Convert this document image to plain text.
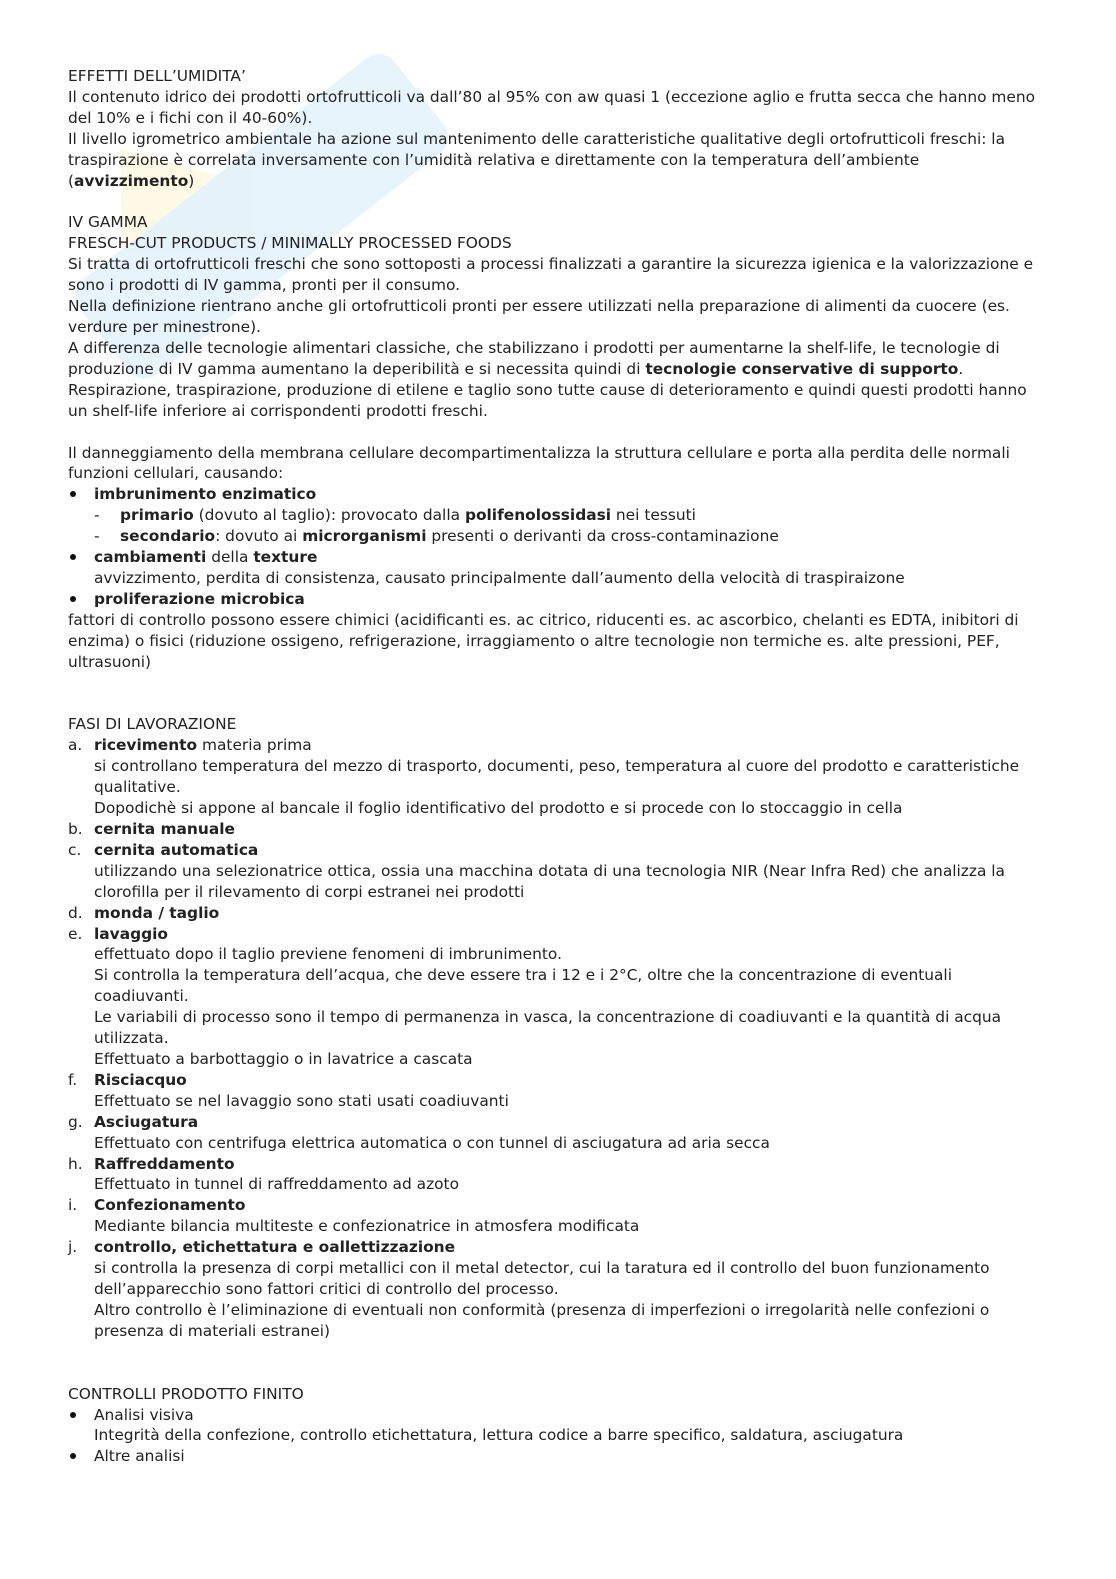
EFFETTI DELL’UMIDITA’

Il contenuto idrico dei prodotti ortofrutticoli va dall’80 al 95% con aw quasi 1 (eccezione aglio e frutta secca che hanno meno del 10% e i fichi con il 40-60%).

Il livello igrometrico ambientale ha azione sul mantenimento delle caratteristiche qualitative degli ortofrutticoli freschi: la traspirazione è correlata inversamente con l’umidità relativa e direttamente con la temperatura dell’ambiente (avvizzimento)

IV GAMMA

FRESCH-CUT PRODUCTS / MINIMALLY PROCESSED FOODS

Si tratta di ortofrutticoli freschi che sono sottoposti a processi finalizzati a garantire la sicurezza igienica e la valorizzazione e sono i prodotti di IV gamma, pronti per il consumo.

Nella definizione rientrano anche gli ortofrutticoli pronti per essere utilizzati nella preparazione di alimenti da cuocere (es. verdure per minestrone).

A differenza delle tecnologie alimentari classiche, che stabilizzano i prodotti per aumentarne la shelf-life, le tecnologie di produzione di IV gamma aumentano la deperibilità e si necessita quindi di tecnologie conservative di supporto.

Respirazione, traspirazione, produzione di etilene e taglio sono tutte cause di deterioramento e quindi questi prodotti hanno un shelf-life inferiore ai corrispondenti prodotti freschi.

Il danneggiamento della membrana cellulare decompartimentalizza la struttura cellulare e porta alla perdita delle normali funzioni cellulari, causando:

imbrunimento enzimatico
- primario (dovuto al taglio): provocato dalla polifenolossidasi nei tessuti
- secondario: dovuto ai microrganismi presenti o derivanti da cross-contaminazione
cambiamenti della texture
avvizzimento, perdita di consistenza, causato principalmente dall’aumento della velocità di traspiraizone
proliferazione microbica

fattori di controllo possono essere chimici (acidificanti es. ac citrico, riducenti es. ac ascorbico, chelanti es EDTA, inibitori di enzima) o fisici (riduzione ossigeno, refrigerazione, irraggiamento o altre tecnologie non termiche es. alte pressioni, PEF, ultrasuoni)

FASI DI LAVORAZIONE

a. ricevimento materia prima
si controllano temperatura del mezzo di trasporto, documenti, peso, temperatura al cuore del prodotto e caratteristiche qualitative.
Dopodichè si appone al bancale il foglio identificativo del prodotto e si procede con lo stoccaggio in cella
b. cernita manuale
c. cernita automatica
utilizzando una selezionatrice ottica, ossia una macchina dotata di una tecnologia NIR (Near Infra Red) che analizza la clorofilla per il rilevamento di corpi estranei nei prodotti
d. monda / taglio
e. lavaggio
effettuato dopo il taglio previene fenomeni di imbrunimento.
Si controlla la temperatura dell’acqua, che deve essere tra i 12 e i 2°C, oltre che la concentrazione di eventuali coadiuvanti.
Le variabili di processo sono il tempo di permanenza in vasca, la concentrazione di coadiuvanti e la quantità di acqua utilizzata.
Effettuato a barbottaggio o in lavatrice a cascata
f. Risciacquo
Effettuato se nel lavaggio sono stati usati coadiuvanti
g. Asciugatura
Effettuato con centrifuga elettrica automatica o con tunnel di asciugatura ad aria secca
h. Raffreddamento
Effettuato in tunnel di raffreddamento ad azoto
i. Confezionamento
Mediante bilancia multiteste e confezionatrice in atmosfera modificata
j. controllo, etichettatura e oallettizzazione
si controlla la presenza di corpi metallici con il metal detector, cui la taratura ed il controllo del buon funzionamento dell’apparecchio sono fattori critici di controllo del processo.
Altro controllo è l’eliminazione di eventuali non conformità (presenza di imperfezioni o irregolarità nelle confezioni o presenza di materiali estranei)

CONTROLLI PRODOTTO FINITO

Analisi visiva
Integrità della confezione, controllo etichettatura, lettura codice a barre specifico, saldatura, asciugatura
Altre analisi
